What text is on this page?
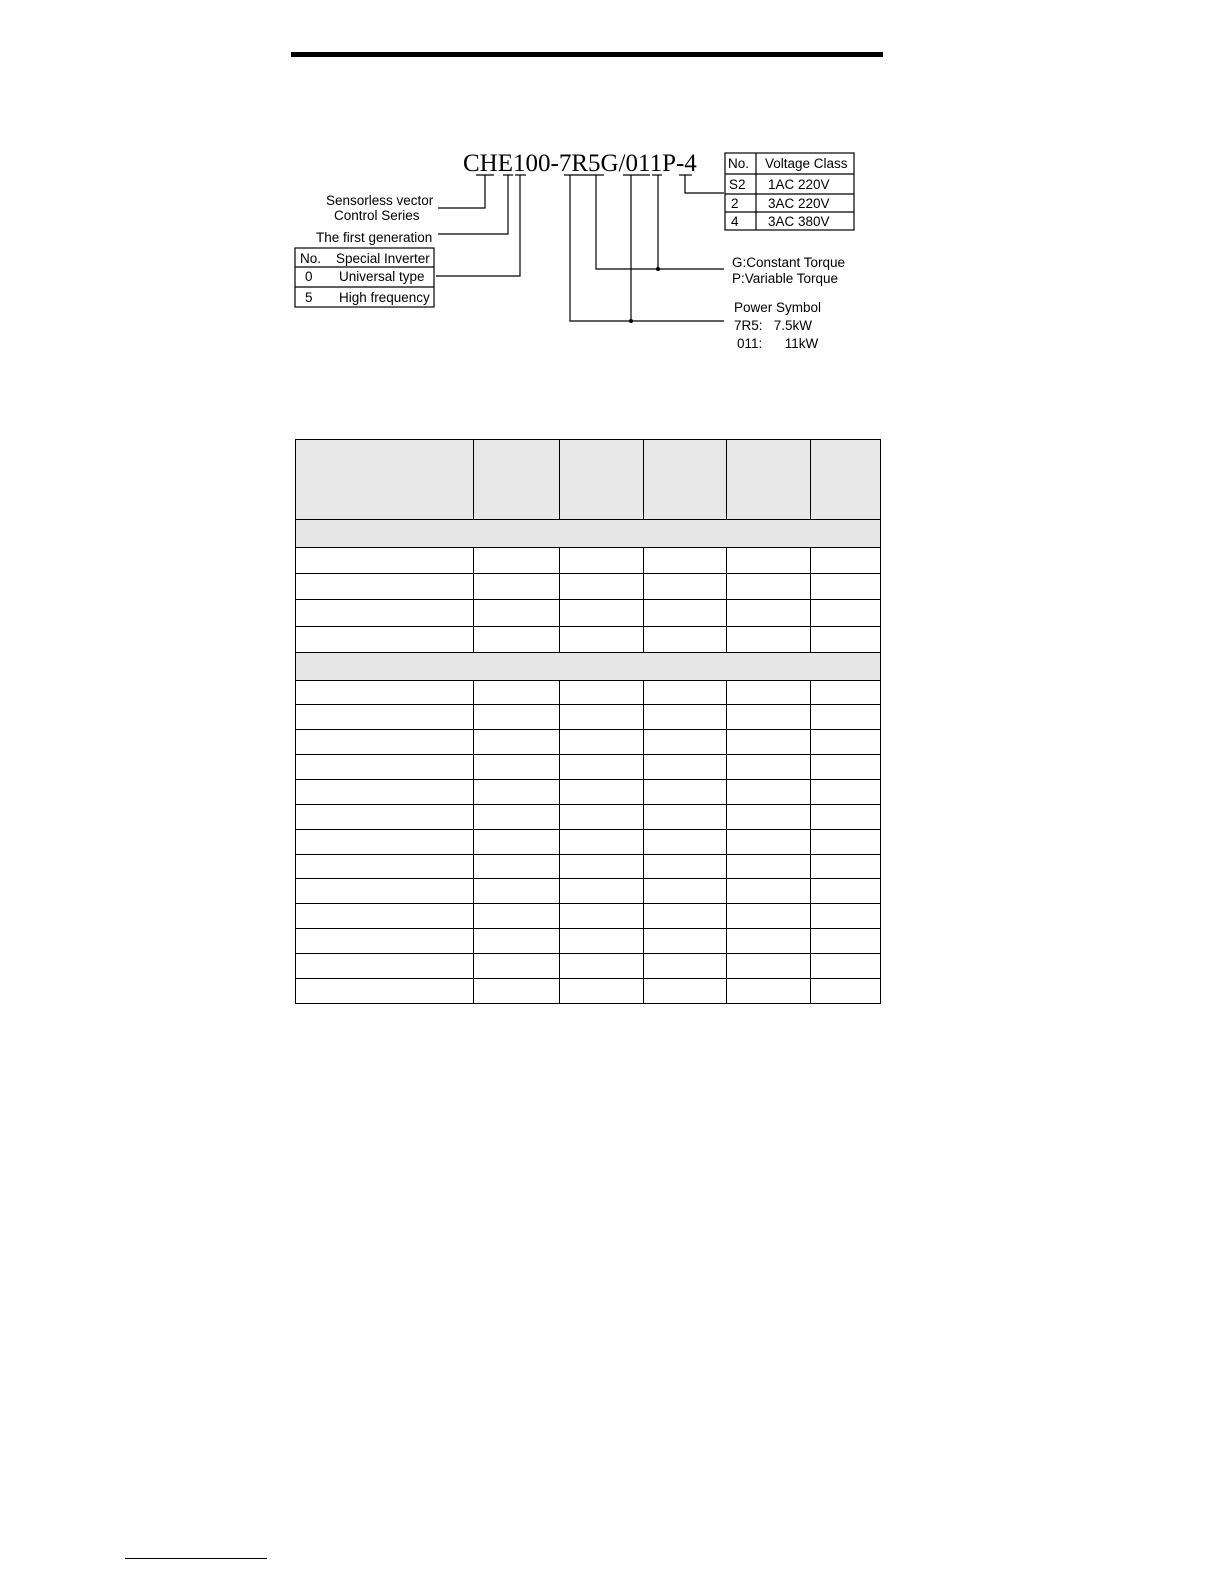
CHE100-7R5G/011P-4
Sensorless vector
Control Series
The first generation
No. Special Inverter
0 Universal type
5 High frequency
No. Voltage Class
S2 1AC 220V
2 3AC 220V
4 3AC 380V
G:Constant Torque
P:Variable Torque
Power Symbol
7R5:   7.5kW
011:      11kW
